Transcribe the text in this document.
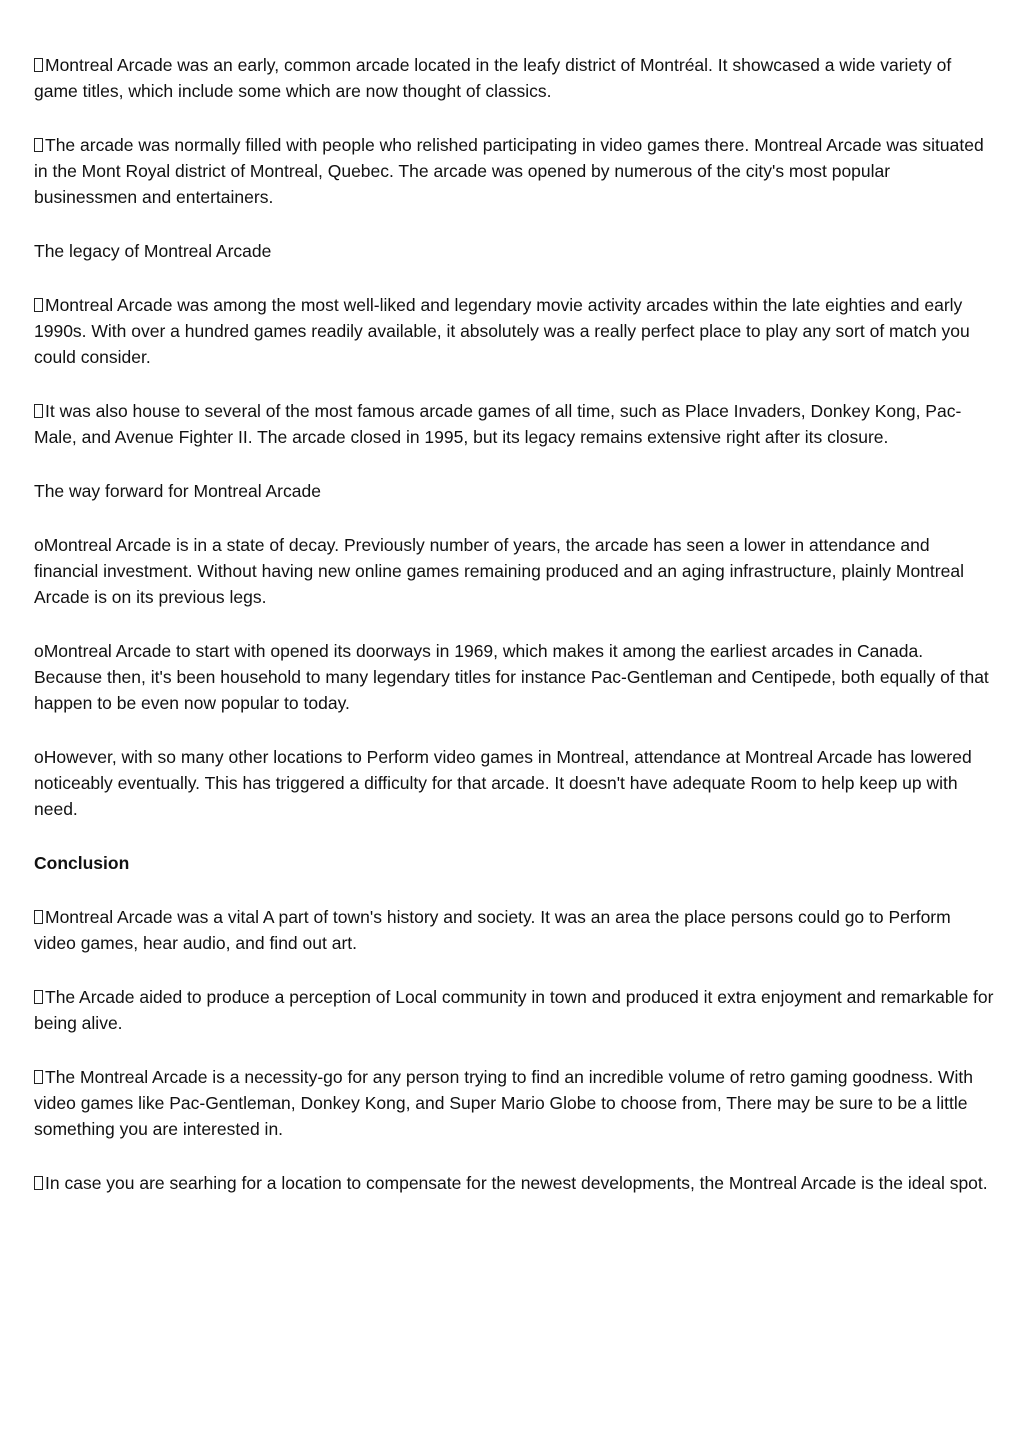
Montreal Arcade was an early, common arcade located in the leafy district of Montréal. It showcased a wide variety of game titles, which include some which are now thought of classics.

The arcade was normally filled with people who relished participating in video games there. Montreal Arcade was situated in the Mont Royal district of Montreal, Quebec. The arcade was opened by numerous of the city's most popular businessmen and entertainers.

The legacy of Montreal Arcade

Montreal Arcade was among the most well-liked and legendary movie activity arcades within the late eighties and early 1990s. With over a hundred games readily available, it absolutely was a really perfect place to play any sort of match you could consider.

It was also house to several of the most famous arcade games of all time, such as Place Invaders, Donkey Kong, Pac-Male, and Avenue Fighter II. The arcade closed in 1995, but its legacy remains extensive right after its closure.

The way forward for Montreal Arcade

oMontreal Arcade is in a state of decay. Previously number of years, the arcade has seen a lower in attendance and financial investment. Without having new online games remaining produced and an aging infrastructure, plainly Montreal Arcade is on its previous legs.

oMontreal Arcade to start with opened its doorways in 1969, which makes it among the earliest arcades in Canada. Because then, it's been household to many legendary titles for instance Pac-Gentleman and Centipede, both equally of that happen to be even now popular to today.

oHowever, with so many other locations to Perform video games in Montreal, attendance at Montreal Arcade has lowered noticeably eventually. This has triggered a difficulty for that arcade. It doesn't have adequate Room to help keep up with need.

Conclusion

Montreal Arcade was a vital A part of town's history and society. It was an area the place persons could go to Perform video games, hear audio, and find out art.

The Arcade aided to produce a perception of Local community in town and produced it extra enjoyment and remarkable for being alive.

The Montreal Arcade is a necessity-go for any person trying to find an incredible volume of retro gaming goodness. With video games like Pac-Gentleman, Donkey Kong, and Super Mario Globe to choose from, There may be sure to be a little something you are interested in.

In case you are searhing for a location to compensate for the newest developments, the Montreal Arcade is the ideal spot.
